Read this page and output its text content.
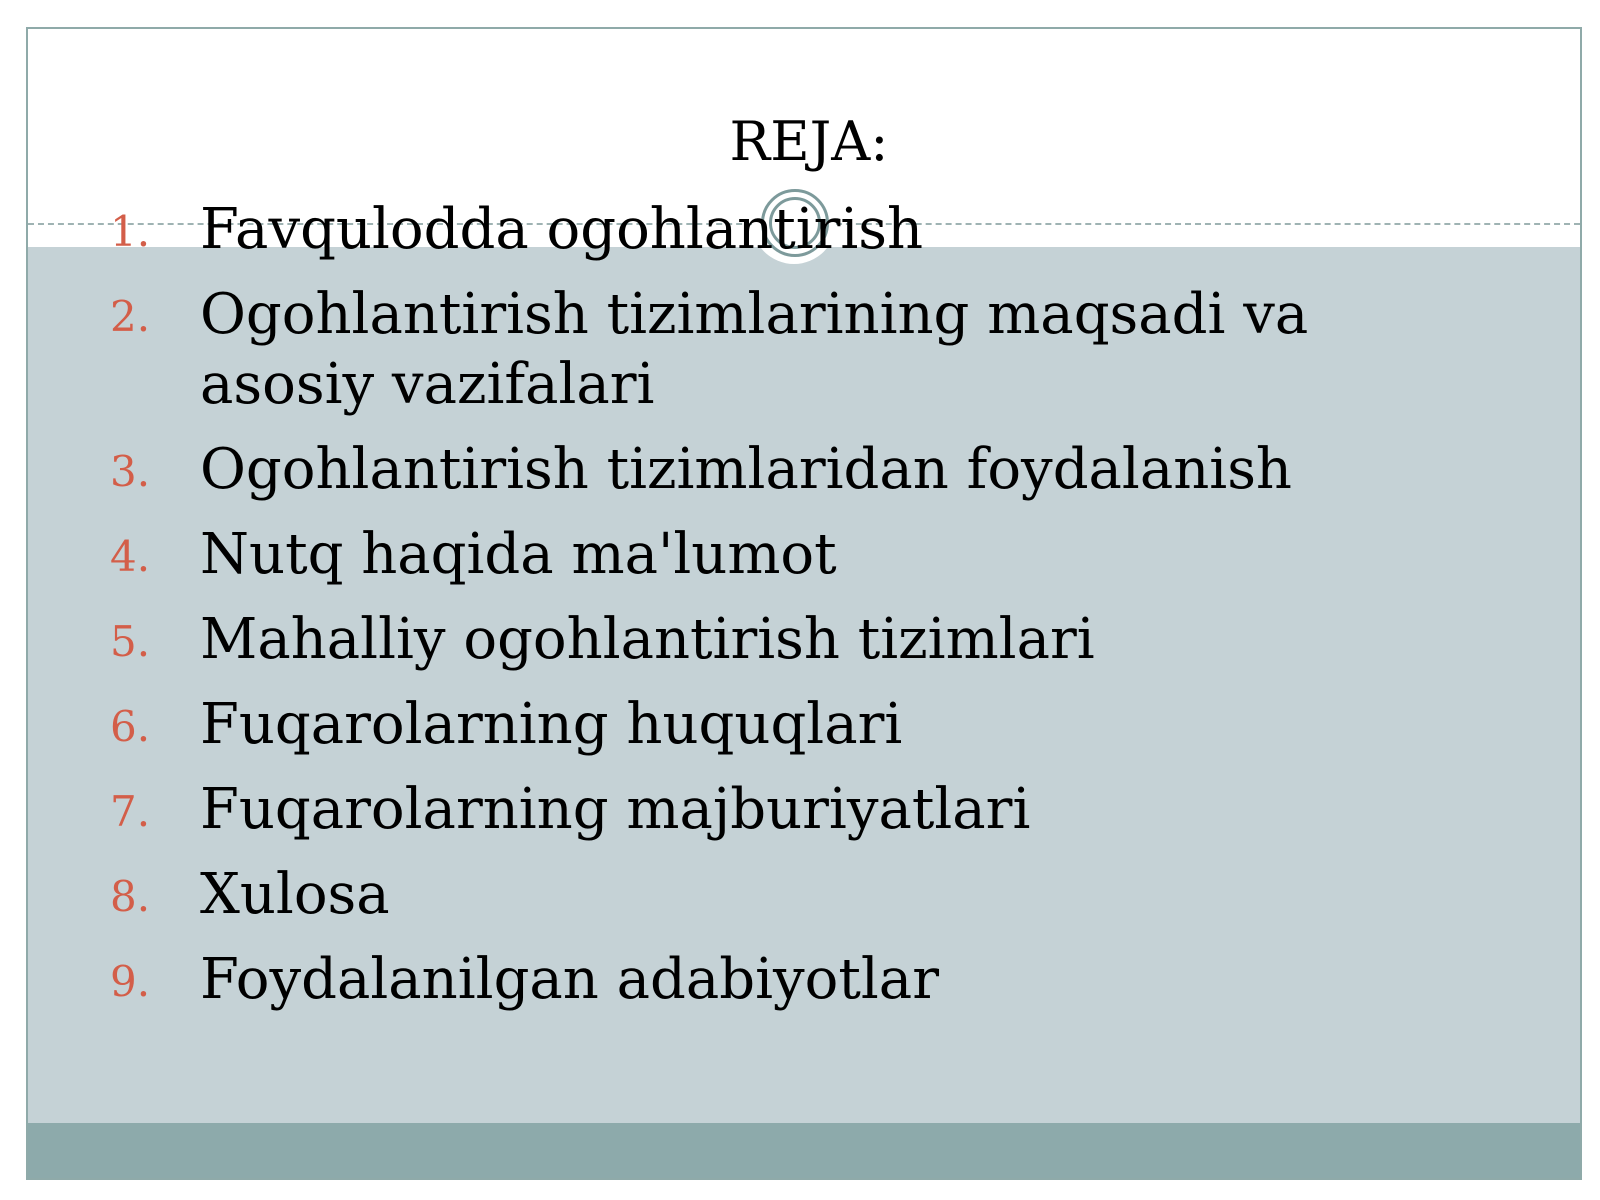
REJA:
1. Favqulodda ogohlantirish
2. Ogohlantirish tizimlarining maqsadi va asosiy vazifalari
3. Ogohlantirish tizimlaridan foydalanish
4. Nutq haqida ma'lumot
5. Mahalliy ogohlantirish tizimlari
6. Fuqarolarning huquqlari
7. Fuqarolarning majburiyatlari
8. Xulosa
9. Foydalanilgan adabiyotlar
